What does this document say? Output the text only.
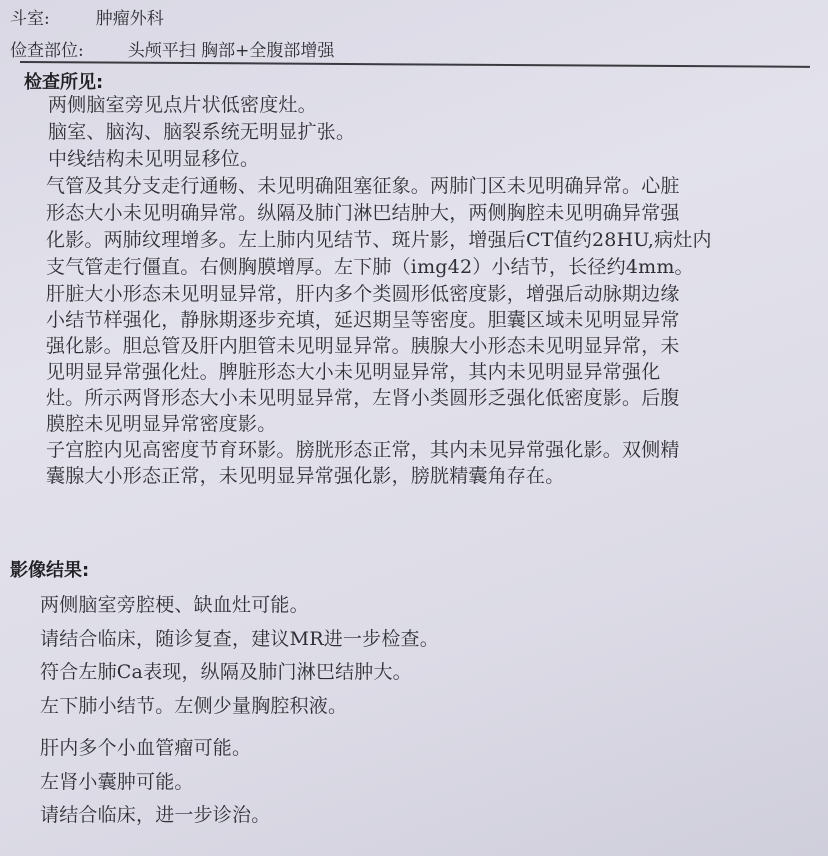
斗室:	肿瘤外科
俭查部位:	头颅平扫 胸部+全腹部增强
检查所见:
两侧脑室旁见点片状低密度灶。
脑室、脑沟、脑裂系统无明显扩张。
中线结构未见明显移位。
气管及其分支走行通畅、未见明确阻塞征象。两肺门区未见明确异常。心脏
形态大小未见明确异常。纵隔及肺门淋巴结肿大，两侧胸腔未见明确异常强
化影。两肺纹理增多。左上肺内见结节、斑片影，增强后CT值约28HU,病灶内
支气管走行僵直。右侧胸膜增厚。左下肺（img42）小结节，长径约4mm。
肝脏大小形态未见明显异常，肝内多个类圆形低密度影，增强后动脉期边缘
小结节样强化，静脉期逐步充填，延迟期呈等密度。胆囊区域未见明显异常
强化影。胆总管及肝内胆管未见明显异常。胰腺大小形态未见明显异常，未
见明显异常强化灶。脾脏形态大小未见明显异常，其内未见明显异常强化
灶。所示两肾形态大小未见明显异常，左肾小类圆形乏强化低密度影。后腹
膜腔未见明显异常密度影。
子宫腔内见高密度节育环影。膀胱形态正常，其内未见异常强化影。双侧精
囊腺大小形态正常，未见明显异常强化影，膀胱精囊角存在。
影像结果:
两侧脑室旁腔梗、缺血灶可能。
请结合临床，随诊复查，建议MR进一步检查。
符合左肺Ca表现，纵隔及肺门淋巴结肿大。
左下肺小结节。左侧少量胸腔积液。
肝内多个小血管瘤可能。
左肾小囊肿可能。
请结合临床，进一步诊治。
